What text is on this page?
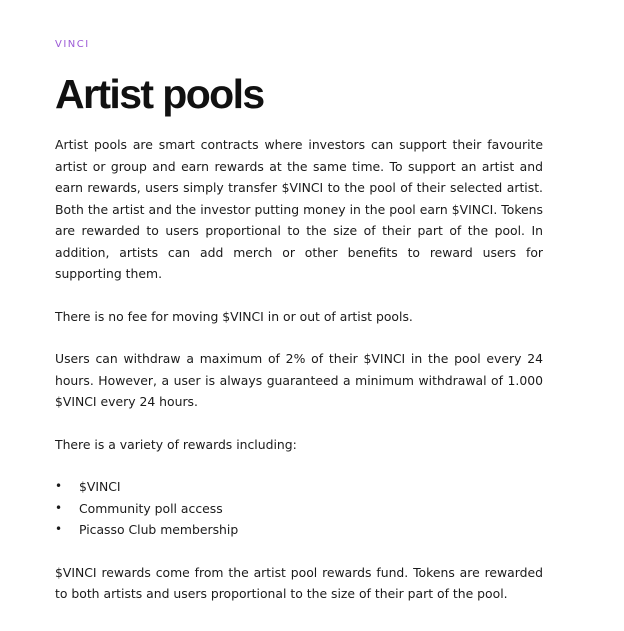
VINCI
Artist pools

Artist pools are smart contracts where investors can support their favourite artist or group and earn rewards at the same time. To support an artist and earn rewards, users simply transfer $VINCI to the pool of their selected artist. Both the artist and the investor putting money in the pool earn $VINCI. Tokens are rewarded to users proportional to the size of their part of the pool. In addition, artists can add merch or other benefits to reward users for supporting them.

There is no fee for moving $VINCI in or out of artist pools.

Users can withdraw a maximum of 2% of their $VINCI in the pool every 24 hours. However, a user is always guaranteed a minimum withdrawal of 1.000 $VINCI every 24 hours.

There is a variety of rewards including:

• $VINCI
• Community poll access
• Picasso Club membership

$VINCI rewards come from the artist pool rewards fund. Tokens are rewarded to both artists and users proportional to the size of their part of the pool.
